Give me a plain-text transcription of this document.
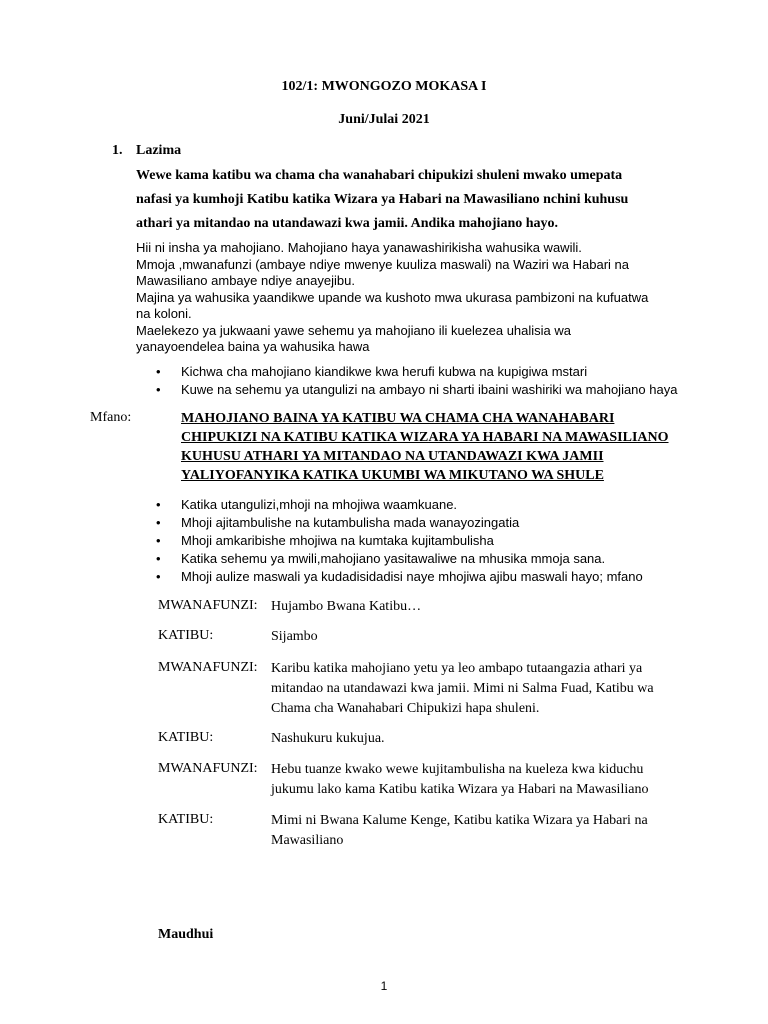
102/1: MWONGOZO MOKASA I
Juni/Julai 2021
1. Lazima
Wewe kama katibu wa chama cha wanahabari chipukizi shuleni mwako umepata nafasi ya kumhoji Katibu katika Wizara ya Habari na Mawasiliano nchini kuhusu athari ya mitandao na utandawazi kwa jamii. Andika mahojiano hayo.

Hii ni insha ya mahojiano. Mahojiano haya yanawashirikisha wahusika wawili.

Mmoja ,mwanafunzi (ambaye ndiye mwenye kuuliza maswali) na Waziri wa Habari na Mawasiliano ambaye ndiye anayejibu.

Majina ya wahusika yaandikwe upande wa kushoto mwa ukurasa pambizoni na kufuatwa na koloni.

Maelekezo ya jukwaani yawe sehemu ya mahojiano ili kuelezea uhalisia wa yanayoendelea baina ya wahusika hawa

• Kichwa cha mahojiano kiandikwe kwa herufi kubwa na kupigiwa mstari
• Kuwe na sehemu ya utangulizi na ambayo ni sharti ibaini washiriki wa mahojiano haya
Mfano:	MAHOJIANO BAINA YA KATIBU WA CHAMA CHA WANAHABARI
CHIPUKIZI NA KATIBU KATIKA WIZARA YA HABARI NA MAWASILIANO
KUHUSU ATHARI YA MITANDAO NA UTANDAWAZI KWA JAMII
YALIYOFANYIKA KATIKA UKUMBI WA MIKUTANO WA SHULE
• Katika utangulizi,mhoji na mhojiwa waamkuane.
• Mhoji ajitambulishe na kutambulisha mada wanayozingatia
• Mhoji amkaribishe mhojiwa na kumtaka kujitambulisha
• Katika sehemu ya mwili,mahojiano yasitawaliwe na mhusika mmoja sana.
• Mhoji aulize maswali ya kudadisidadisi naye mhojiwa ajibu maswali hayo; mfano
MWANAFUNZI: Hujambo Bwana Katibu…
KATIBU:	Sijambo
MWANAFUNZI: Karibu katika mahojiano yetu ya leo ambapo tutaangazia athari ya mitandao na utandawazi kwa jamii. Mimi ni Salma Fuad, Katibu wa Chama cha Wanahabari Chipukizi hapa shuleni.
KATIBU:	Nashukuru kukujua.
MWANAFUNZI: Hebu tuanze kwako wewe kujitambulisha na kueleza kwa kiduchu jukumu lako kama Katibu katika Wizara ya Habari na Mawasiliano
KATIBU:	Mimi ni Bwana Kalume Kenge, Katibu katika Wizara ya Habari na Mawasiliano
Maudhui
1
